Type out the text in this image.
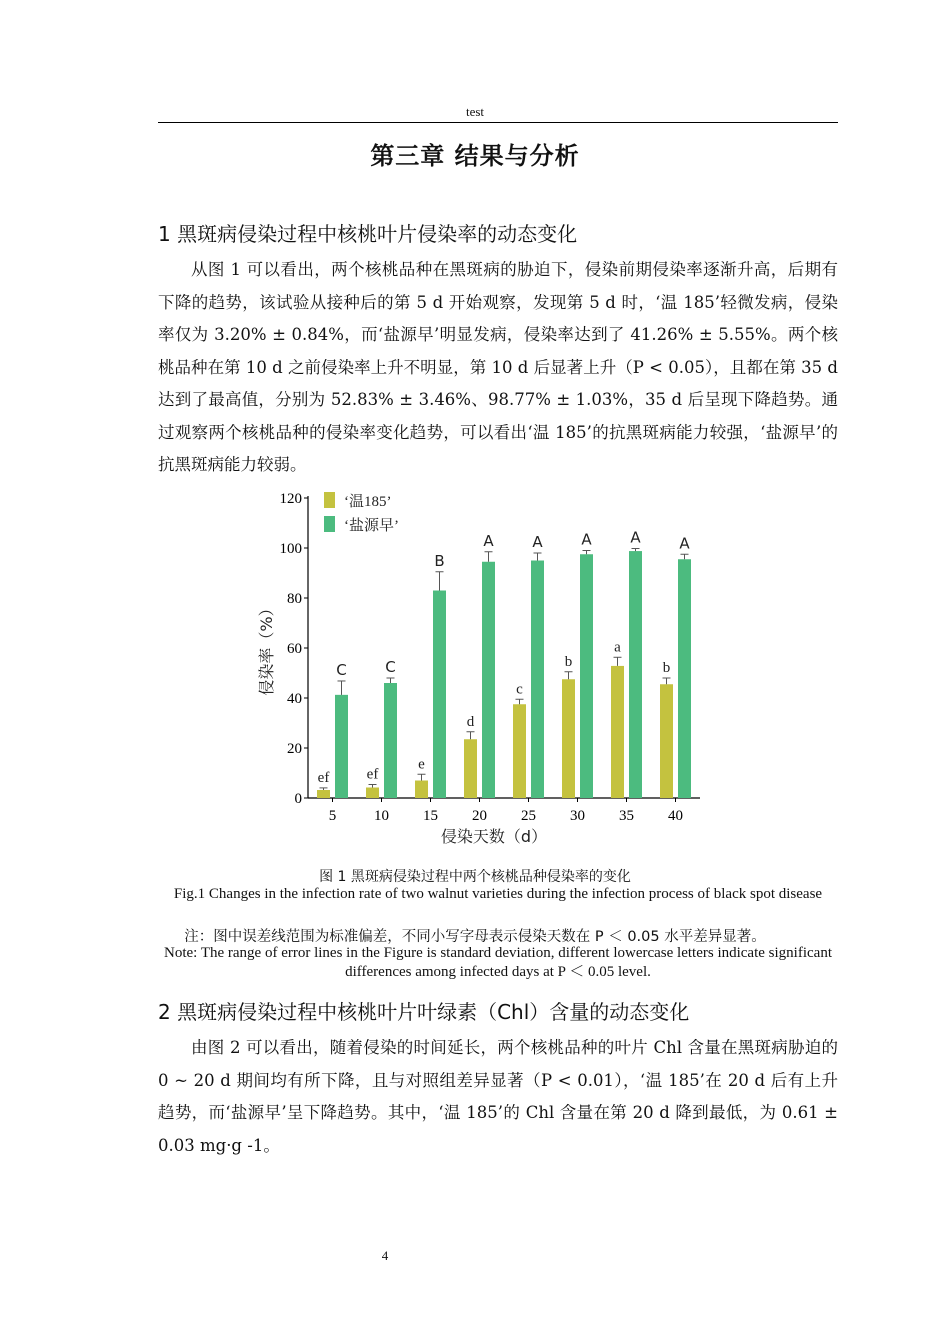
test
第三章 结果与分析
1 黑斑病侵染过程中核桃叶片侵染率的动态变化
从图 1 可以看出，两个核桃品种在黑斑病的胁迫下，侵染前期侵染率逐渐升高，后期有下降的趋势，该试验从接种后的第 5 d 开始观察，发现第 5 d 时，‘温 185’轻微发病，侵染率仅为 3.20% ± 0.84%，而‘盐源早’明显发病，侵染率达到了 41.26% ± 5.55%。两个核桃品种在第 10 d 之前侵染率上升不明显，第 10 d 后显著上升（P < 0.05），且都在第 35 d 达到了最高值，分别为 52.83% ± 3.46%、98.77% ± 1.03%，35 d 后呈现下降趋势。通过观察两个核桃品种的侵染率变化趋势，可以看出‘温 185’的抗黑斑病能力较强，‘盐源早’的抗黑斑病能力较弱。
0
20
40
60
80
100
120
侵染率（%）
5
ef
C
10
ef
C
15
e
B
20
d
A
25
c
A
30
b
A
35
a
A
40
b
A
侵染天数（d）
‘温185’
‘盐源早’
图 1 黑斑病侵染过程中两个核桃品种侵染率的变化
Fig.1 Changes in the infection rate of two walnut varieties during the infection process of black spot disease
注：图中误差线范围为标准偏差，不同小写字母表示侵染天数在 P ＜ 0.05 水平差异显著。
Note: The range of error lines in the Figure is standard deviation, different lowercase letters indicate significant differences among infected days at P ＜ 0.05 level.
2 黑斑病侵染过程中核桃叶片叶绿素（Chl）含量的动态变化
由图 2 可以看出，随着侵染的时间延长，两个核桃品种的叶片 Chl 含量在黑斑病胁迫的 0 ~ 20 d 期间均有所下降，且与对照组差异显著（P < 0.01），‘温 185’在 20 d 后有上升趋势，而‘盐源早’呈下降趋势。其中，‘温 185’的 Chl 含量在第 20 d 降到最低，为 0.61 ± 0.03 mg·g -1。
4
